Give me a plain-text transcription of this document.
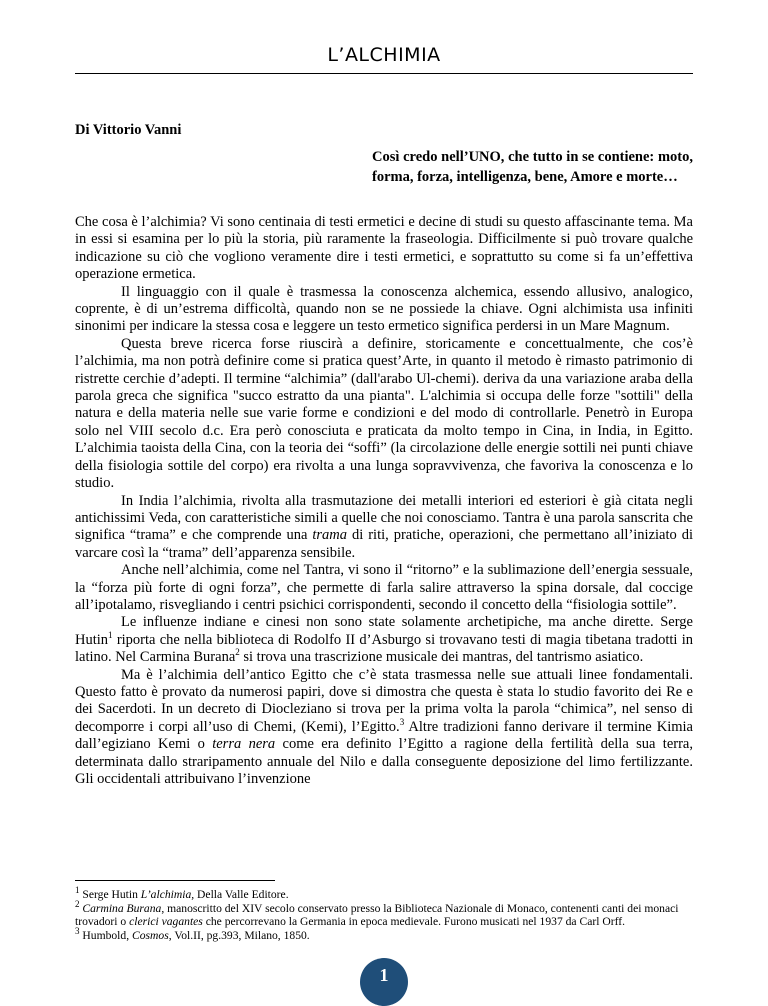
L’ALCHIMIA
Di Vittorio Vanni
Così credo nell’UNO, che tutto in se contiene: moto, forma, forza, intelligenza, bene, Amore e morte…

Che cosa è l’alchimia? Vi sono centinaia di testi ermetici e decine di studi su questo affascinante tema. Ma in essi si esamina per lo più la storia, più raramente la fraseologia. Difficilmente si può trovare qualche indicazione su ciò che vogliono veramente dire i testi ermetici, e soprattutto su come si fa un’effettiva operazione ermetica.

Il linguaggio con il quale è trasmessa la conoscenza alchemica, essendo allusivo, analogico, coprente, è di un’estrema difficoltà, quando non se ne possiede la chiave. Ogni alchimista usa infiniti sinonimi per indicare la stessa cosa e leggere un testo ermetico significa perdersi in un Mare Magnum.

Questa breve ricerca forse riuscirà a definire, storicamente e concettualmente, che cos’è l’alchimia, ma non potrà definire come si pratica quest’Arte, in quanto il metodo è rimasto patrimonio di ristrette cerchie d’adepti. Il termine “alchimia” (dall'arabo Ul-chemi). deriva da una variazione araba della parola greca che significa "succo estratto da una pianta". L'alchimia si occupa delle forze "sottili" della natura e della materia nelle sue varie forme e condizioni e del modo di controllarle. Penetrò in Europa solo nel VIII secolo d.c. Era però conosciuta e praticata da molto tempo in Cina, in India, in Egitto. L’alchimia taoista della Cina, con la teoria dei “soffi” (la circolazione delle energie sottili nei punti chiave della fisiologia sottile del corpo) era rivolta a una lunga sopravvivenza, che favoriva la conoscenza e lo studio.

In India l’alchimia, rivolta alla trasmutazione dei metalli interiori ed esteriori è già citata negli antichissimi Veda, con caratteristiche simili a quelle che noi conosciamo. Tantra è una parola sanscrita che significa “trama” e che comprende una trama di riti, pratiche, operazioni, che permettano all’iniziato di varcare così la “trama” dell’apparenza sensibile.

Anche nell’alchimia, come nel Tantra, vi sono il “ritorno” e la sublimazione dell’energia sessuale, la “forza più forte di ogni forza”, che permette di farla salire attraverso la spina dorsale, dal coccige all’ipotalamo, risvegliando i centri psichici corrispondenti, secondo il concetto della “fisiologia sottile”.

Le influenze indiane e cinesi non sono state solamente archetipiche, ma anche dirette. Serge Hutin$^1$ riporta che nella biblioteca di Rodolfo II d’Asburgo si trovavano testi di magia tibetana tradotti in latino. Nel Carmina Burana$^2$ si trova una trascrizione musicale dei mantras, del tantrismo asiatico.

Ma è l’alchimia dell’antico Egitto che c’è stata trasmessa nelle sue attuali linee fondamentali. Questo fatto è provato da numerosi papiri, dove si dimostra che questa è stata lo studio favorito dei Re e dei Sacerdoti. In un decreto di Diocleziano si trova per la prima volta la parola “chimica”, nel senso di decomporre i corpi all’uso di Chemi, (Kemi), l’Egitto.$^3$ Altre tradizioni fanno derivare il termine Kimia dall’egiziano Kemi o terra nera come era definito l’Egitto a ragione della fertilità della sua terra, determinata dallo straripamento annuale del Nilo e dalla conseguente deposizione del limo fertilizzante. Gli occidentali attribuivano l’invenzione

$^1$ Serge Hutin L’alchimia, Della Valle Editore.

$^2$ Carmina Burana, manoscritto del XIV secolo conservato presso la Biblioteca Nazionale di Monaco, contenenti canti dei monaci trovadori o clerici vagantes che percorrevano la Germania in epoca medievale. Furono musicati nel 1937 da Carl Orff.

$^3$ Humbold, Cosmos, Vol.II, pg.393, Milano, 1850.

1
